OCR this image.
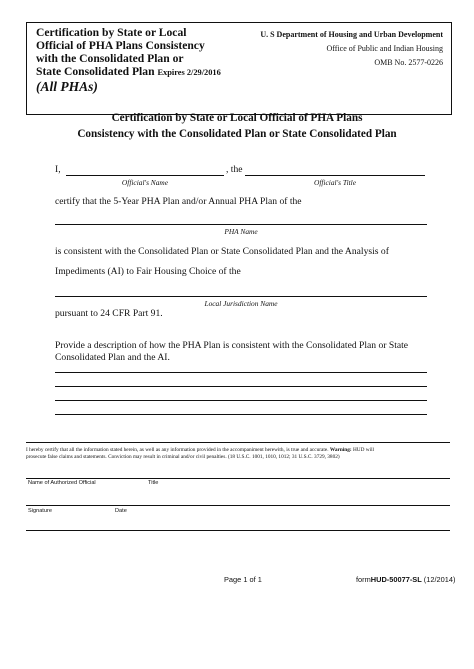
Certification by State or Local
Official of PHA Plans Consistency
with the Consolidated Plan or
State Consolidated Plan Expires 2/29/2016
(All PHAs)
U. S Department of Housing and Urban Development
Office of Public and Indian Housing
OMB No. 2577-0226
Certification by State or Local Official of PHA Plans
Consistency with the Consolidated Plan or State Consolidated Plan
I,	, the
Official's Name	Official's Title
certify that the 5-Year PHA Plan and/or Annual PHA Plan of the
PHA Name
is consistent with the Consolidated Plan or State Consolidated Plan and the Analysis of
Impediments (AI) to Fair Housing Choice of the
Local Jurisdiction Name
pursuant to 24 CFR Part 91.
Provide a description of how the PHA Plan is consistent with the Consolidated Plan or State
Consolidated Plan and the AI.
I hereby certify that all the information stated herein, as well as any information provided in the accompaniment herewith, is true and accurate. Warning: HUD will
prosecute false claims and statements. Conviction may result in criminal and/or civil penalties. (18 U.S.C. 1001, 1010, 1012; 31 U.S.C. 3729, 3802)
Name of Authorized Official	Title
Signature	Date
Page 1 of 1	formHUD-50077-SL (12/2014)
